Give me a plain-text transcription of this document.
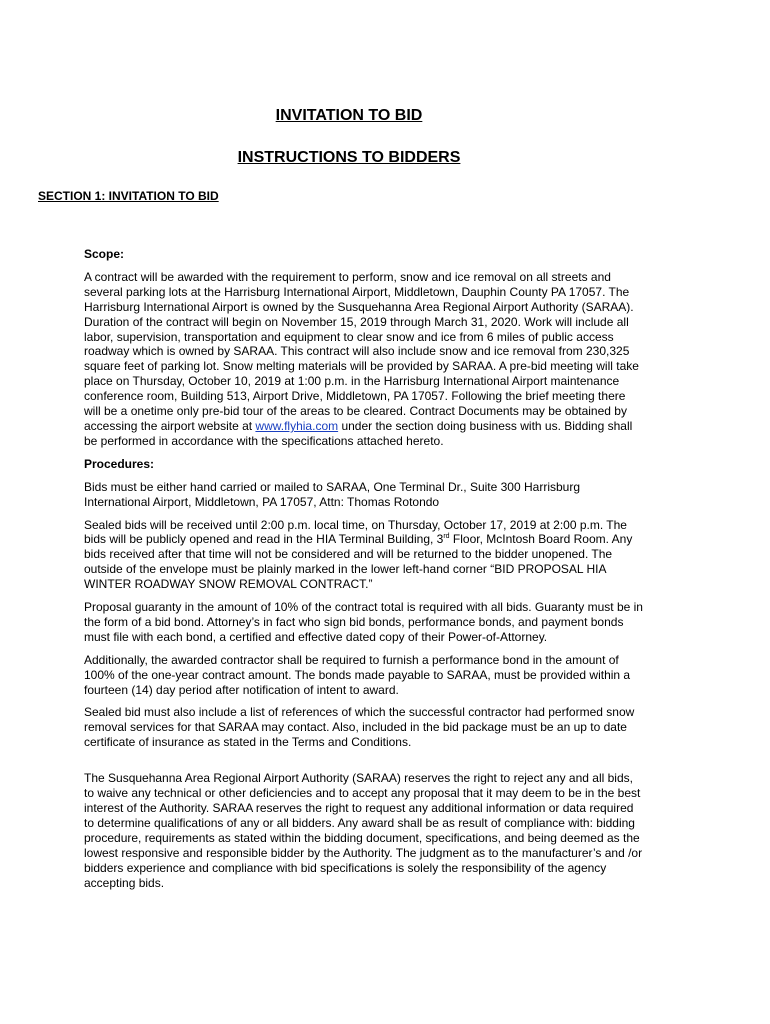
INVITATION TO BID
INSTRUCTIONS TO BIDDERS
SECTION 1: INVITATION TO BID

Scope:

A contract will be awarded with the requirement to perform, snow and ice removal on all streets and several parking lots at the Harrisburg International Airport, Middletown, Dauphin County PA 17057. The Harrisburg International Airport is owned by the Susquehanna Area Regional Airport Authority (SARAA). Duration of the contract will begin on November 15, 2019 through March 31, 2020. Work will include all labor, supervision, transportation and equipment to clear snow and ice from 6 miles of public access roadway which is owned by SARAA. This contract will also include snow and ice removal from 230,325 square feet of parking lot. Snow melting materials will be provided by SARAA. A pre-bid meeting will take place on Thursday, October 10, 2019 at 1:00 p.m. in the Harrisburg International Airport maintenance conference room, Building 513, Airport Drive, Middletown, PA 17057. Following the brief meeting there will be a onetime only pre-bid tour of the areas to be cleared. Contract Documents may be obtained by accessing the airport website at www.flyhia.com under the section doing business with us. Bidding shall be performed in accordance with the specifications attached hereto.

Procedures:

Bids must be either hand carried or mailed to SARAA, One Terminal Dr., Suite 300 Harrisburg International Airport, Middletown, PA 17057, Attn: Thomas Rotondo

Sealed bids will be received until 2:00 p.m. local time, on Thursday, October 17, 2019 at 2:00 p.m. The bids will be publicly opened and read in the HIA Terminal Building, 3rd Floor, McIntosh Board Room. Any bids received after that time will not be considered and will be returned to the bidder unopened. The outside of the envelope must be plainly marked in the lower left-hand corner “BID PROPOSAL HIA WINTER ROADWAY SNOW REMOVAL CONTRACT.”

Proposal guaranty in the amount of 10% of the contract total is required with all bids. Guaranty must be in the form of a bid bond. Attorney’s in fact who sign bid bonds, performance bonds, and payment bonds must file with each bond, a certified and effective dated copy of their Power-of-Attorney.

Additionally, the awarded contractor shall be required to furnish a performance bond in the amount of 100% of the one-year contract amount. The bonds made payable to SARAA, must be provided within a fourteen (14) day period after notification of intent to award.

Sealed bid must also include a list of references of which the successful contractor had performed snow removal services for that SARAA may contact. Also, included in the bid package must be an up to date certificate of insurance as stated in the Terms and Conditions.

The Susquehanna Area Regional Airport Authority (SARAA) reserves the right to reject any and all bids, to waive any technical or other deficiencies and to accept any proposal that it may deem to be in the best interest of the Authority. SARAA reserves the right to request any additional information or data required to determine qualifications of any or all bidders. Any award shall be as result of compliance with: bidding procedure, requirements as stated within the bidding document, specifications, and being deemed as the lowest responsive and responsible bidder by the Authority. The judgment as to the manufacturer’s and /or bidders experience and compliance with bid specifications is solely the responsibility of the agency accepting bids.
